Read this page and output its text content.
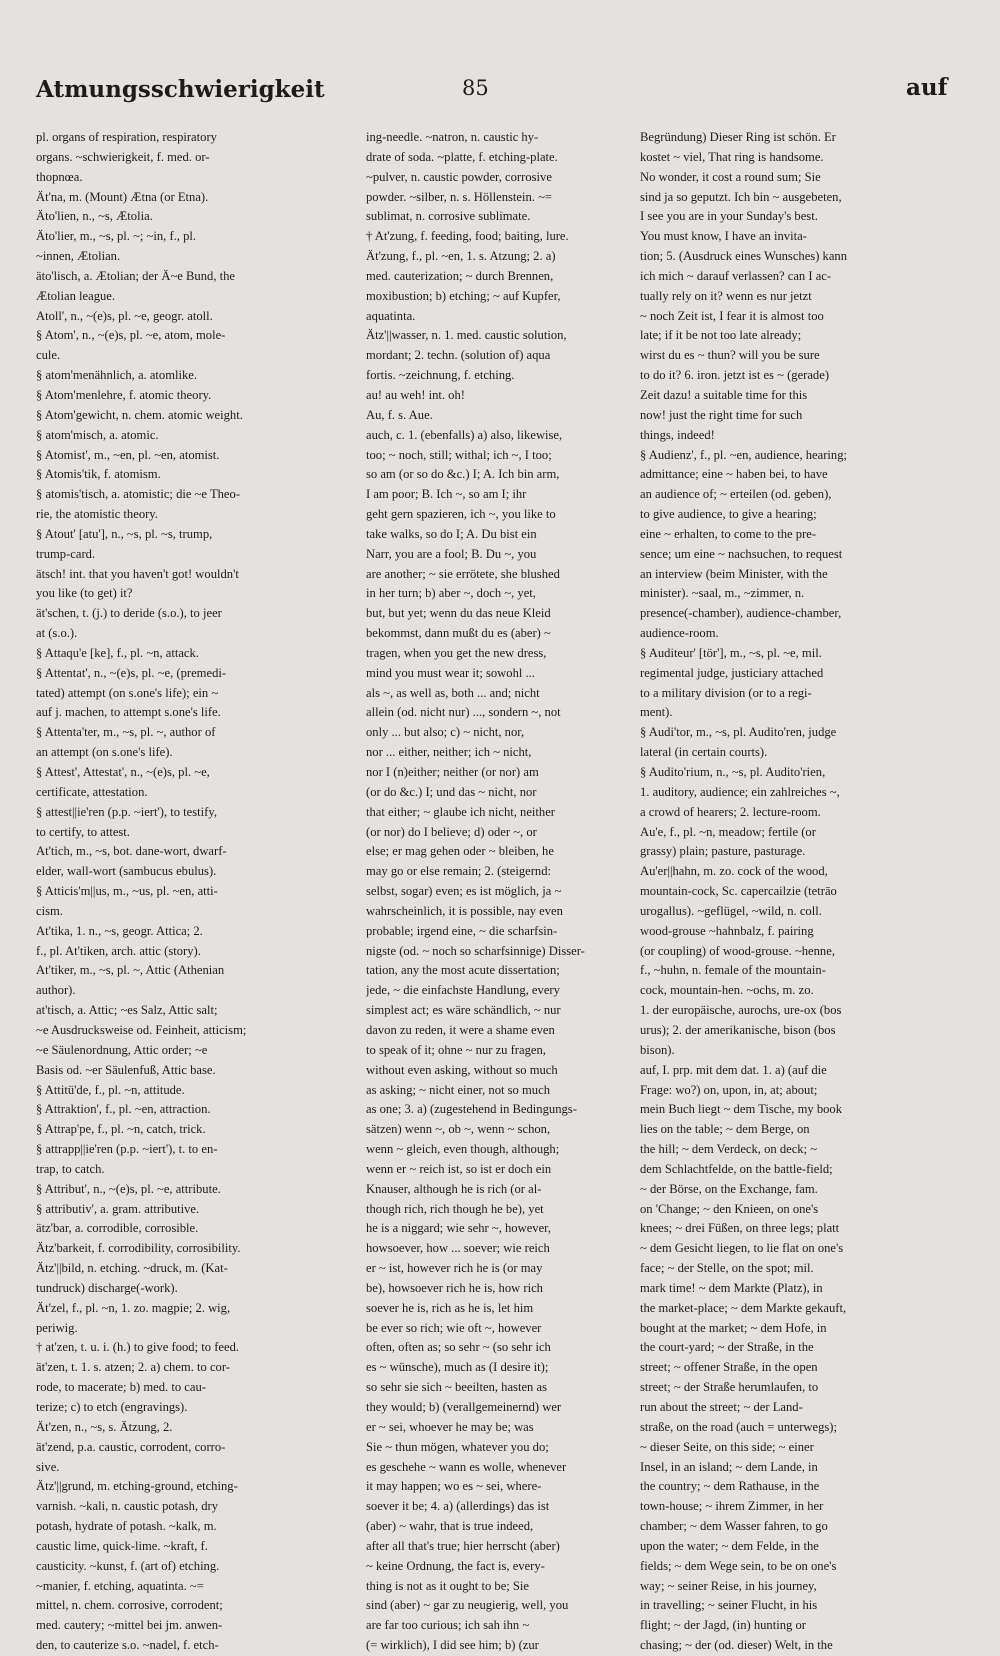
Atmungsschwierigkeit	85	auf
pl. organs of respiration, respiratory
organs. ~schwierigkeit, f. med. or-
thopnœa.
Ät'na, m. (Mount) Ætna (or Etna).
Äto'lien, n., ~s, Ætolia.
Äto'lier, m., ~s, pl. ~; ~in, f., pl.
~innen, Ætolian.
äto'lisch, a. Ætolian; der Ä~e Bund, the
Ætolian league.
Atoll', n., ~(e)s, pl. ~e, geogr. atoll.
§ Atom', n., ~(e)s, pl. ~e, atom, mole-
cule.
§ atom'menähnlich, a. atomlike.
§ Atom'menlehre, f. atomic theory.
§ Atom'gewicht, n. chem. atomic weight.
§ atom'misch, a. atomic.
§ Atomist', m., ~en, pl. ~en, atomist.
§ Atomis'tik, f. atomism.
§ atomis'tisch, a. atomistic; die ~e Theo-
rie, the atomistic theory.
§ Atout' [atu'], n., ~s, pl. ~s, trump,
trump-card.
ätsch! int. that you haven't got! wouldn't
you like (to get) it?
ät'schen, t. (j.) to deride (s.o.), to jeer
at (s.o.).
§ Attaqu'e [ke], f., pl. ~n, attack.
§ Attentat', n., ~(e)s, pl. ~e, (premedi-
tated) attempt (on s.one's life); ein ~
auf j. machen, to attempt s.one's life.
§ Attenta'ter, m., ~s, pl. ~, author of
an attempt (on s.one's life).
§ Attest', Attestat', n., ~(e)s, pl. ~e,
certificate, attestation.
§ attest||ie'ren (p.p. ~iert'), to testify,
to certify, to attest.
At'tich, m., ~s, bot. dane-wort, dwarf-
elder, wall-wort (sambucus ebulus).
§ Atticis'm||us, m., ~us, pl. ~en, atti-
cism.
At'tika, 1. n., ~s, geogr. Attica; 2.
f., pl. At'tiken, arch. attic (story).
At'tiker, m., ~s, pl. ~, Attic (Athenian
author).
at'tisch, a. Attic; ~es Salz, Attic salt;
~e Ausdrucksweise od. Feinheit, atticism;
~e Säulenordnung, Attic order; ~e
Basis od. ~er Säulenfuß, Attic base.
§ Attitü'de, f., pl. ~n, attitude.
§ Attraktion', f., pl. ~en, attraction.
§ Attrap'pe, f., pl. ~n, catch, trick.
§ attrapp||ie'ren (p.p. ~iert'), t. to en-
trap, to catch.
§ Attribut', n., ~(e)s, pl. ~e, attribute.
§ attributiv', a. gram. attributive.
ätz'bar, a. corrodible, corrosible.
Ätz'barkeit, f. corrodibility, corrosibility.
Ätz'||bild, n. etching. ~druck, m. (Kat-
tundruck) discharge(-work).
Ät'zel, f., pl. ~n, 1. zo. magpie; 2. wig,
periwig.
† at'zen, t. u. i. (h.) to give food; to feed.
ät'zen, t. 1. s. atzen; 2. a) chem. to cor-
rode, to macerate; b) med. to cau-
terize; c) to etch (engravings).
Ät'zen, n., ~s, s. Ätzung, 2.
ät'zend, p.a. caustic, corrodent, corro-
sive.
Ätz'||grund, m. etching-ground, etching-
varnish. ~kali, n. caustic potash, dry
potash, hydrate of potash. ~kalk, m.
caustic lime, quick-lime. ~kraft, f.
causticity. ~kunst, f. (art of) etching.
~manier, f. etching, aquatinta. ~=
mittel, n. chem. corrosive, corrodent;
med. cautery; ~mittel bei jm. anwen-
den, to cauterize s.o. ~nadel, f. etch-
ing-needle. ~natron, n. caustic hy-
drate of soda. ~platte, f. etching-plate.
~pulver, n. caustic powder, corrosive
powder. ~silber, n. s. Höllenstein. ~=
sublimat, n. corrosive sublimate.
† At'zung, f. feeding, food; baiting, lure.
Ät'zung, f., pl. ~en, 1. s. Atzung; 2. a)
med. cauterization; ~ durch Brennen,
moxibustion; b) etching; ~ auf Kupfer,
aquatinta.
Ätz'||wasser, n. 1. med. caustic solution,
mordant; 2. techn. (solution of) aqua
fortis. ~zeichnung, f. etching.
au! au weh! int. oh!
Au, f. s. Aue.
auch, c. 1. (ebenfalls) a) also, likewise,
too; ~ noch, still; withal; ich ~, I too;
so am (or so do &c.) I; A. Ich bin arm,
I am poor; B. Ich ~, so am I; ihr
geht gern spazieren, ich ~, you like to
take walks, so do I; A. Du bist ein
Narr, you are a fool; B. Du ~, you
are another; ~ sie errötete, she blushed
in her turn; b) aber ~, doch ~, yet,
but, but yet; wenn du das neue Kleid
bekommst, dann mußt du es (aber) ~
tragen, when you get the new dress,
mind you must wear it; sowohl ...
als ~, as well as, both ... and; nicht
allein (od. nicht nur) ..., sondern ~, not
only ... but also; c) ~ nicht, nor,
nor ... either, neither; ich ~ nicht,
nor I (n)either; neither (or nor) am
(or do &c.) I; und das ~ nicht, nor
that either; ~ glaube ich nicht, neither
(or nor) do I believe; d) oder ~, or
else; er mag gehen oder ~ bleiben, he
may go or else remain; 2. (steigernd:
selbst, sogar) even; es ist möglich, ja ~
wahrscheinlich, it is possible, nay even
probable; irgend eine, ~ die scharfsin-
nigste (od. ~ noch so scharfsinnige) Disser-
tation, any the most acute dissertation;
jede, ~ die einfachste Handlung, every
simplest act; es wäre schändlich, ~ nur
davon zu reden, it were a shame even
to speak of it; ohne ~ nur zu fragen,
without even asking, without so much
as asking; ~ nicht einer, not so much
as one; 3. a) (zugestehend in Bedingungs-
sätzen) wenn ~, ob ~, wenn ~ schon,
wenn ~ gleich, even though, although;
wenn er ~ reich ist, so ist er doch ein
Knauser, although he is rich (or al-
though rich, rich though he be), yet
he is a niggard; wie sehr ~, however,
howsoever, how ... soever; wie reich
er ~ ist, however rich he is (or may
be), howsoever rich he is, how rich
soever he is, rich as he is, let him
be ever so rich; wie oft ~, however
often, often as; so sehr ~ (so sehr ich
es ~ wünsche), much as (I desire it);
so sehr sie sich ~ beeilten, hasten as
they would; b) (verallgemeinernd) wer
er ~ sei, whoever he may be; was
Sie ~ thun mögen, whatever you do;
es geschehe ~ wann es wolle, whenever
it may happen; wo es ~ sei, where-
soever it be; 4. a) (allerdings) das ist
(aber) ~ wahr, that is true indeed,
after all that's true; hier herrscht (aber)
~ keine Ordnung, the fact is, every-
thing is not as it ought to be; Sie
sind (aber) ~ gar zu neugierig, well, you
are far too curious; ich sah ihn ~
(= wirklich), I did see him; b) (zur
Begründung) Dieser Ring ist schön. Er
kostet ~ viel, That ring is handsome.
No wonder, it cost a round sum; Sie
sind ja so geputzt. Ich bin ~ ausgebeten,
I see you are in your Sunday's best.
You must know, I have an invita-
tion; 5. (Ausdruck eines Wunsches) kann
ich mich ~ darauf verlassen? can I ac-
tually rely on it? wenn es nur jetzt
~ noch Zeit ist, I fear it is almost too
late; if it be not too late already;
wirst du es ~ thun? will you be sure
to do it? 6. iron. jetzt ist es ~ (gerade)
Zeit dazu! a suitable time for this
now! just the right time for such
things, indeed!
§ Audienz', f., pl. ~en, audience, hearing;
admittance; eine ~ haben bei, to have
an audience of; ~ erteilen (od. geben),
to give audience, to give a hearing;
eine ~ erhalten, to come to the pre-
sence; um eine ~ nachsuchen, to request
an interview (beim Minister, with the
minister). ~saal, m., ~zimmer, n.
presence(-chamber), audience-chamber,
audience-room.
§ Auditeur' [tör'], m., ~s, pl. ~e, mil.
regimental judge, justiciary attached
to a military division (or to a regi-
ment).
§ Audi'tor, m., ~s, pl. Audito'ren, judge
lateral (in certain courts).
§ Audito'rium, n., ~s, pl. Audito'rien,
1. auditory, audience; ein zahlreiches ~,
a crowd of hearers; 2. lecture-room.
Au'e, f., pl. ~n, meadow; fertile (or
grassy) plain; pasture, pasturage.
Au'er||hahn, m. zo. cock of the wood,
mountain-cock, Sc. capercailzie (tetrāo
urogallus). ~geflügel, ~wild, n. coll.
wood-grouse ~hahnbalz, f. pairing
(or coupling) of wood-grouse. ~henne,
f., ~huhn, n. female of the mountain-
cock, mountain-hen. ~ochs, m. zo.
1. der europäische, aurochs, ure-ox (bos
urus); 2. der amerikanische, bison (bos
bison).
auf, I. prp. mit dem dat. 1. a) (auf die
Frage: wo?) on, upon, in, at; about;
mein Buch liegt ~ dem Tische, my book
lies on the table; ~ dem Berge, on
the hill; ~ dem Verdeck, on deck; ~
dem Schlachtfelde, on the battle-field;
~ der Börse, on the Exchange, fam.
on 'Change; ~ den Knieen, on one's
knees; ~ drei Füßen, on three legs; platt
~ dem Gesicht liegen, to lie flat on one's
face; ~ der Stelle, on the spot; mil.
mark time! ~ dem Markte (Platz), in
the market-place; ~ dem Markte gekauft,
bought at the market; ~ dem Hofe, in
the court-yard; ~ der Straße, in the
street; ~ offener Straße, in the open
street; ~ der Straße herumlaufen, to
run about the street; ~ der Land-
straße, on the road (auch = unterwegs);
~ dieser Seite, on this side; ~ einer
Insel, in an island; ~ dem Lande, in
the country; ~ dem Rathause, in the
town-house; ~ ihrem Zimmer, in her
chamber; ~ dem Wasser fahren, to go
upon the water; ~ dem Felde, in the
fields; ~ dem Wege sein, to be on one's
way; ~ seiner Reise, in his journey,
in travelling; ~ seiner Flucht, in his
flight; ~ der Jagd, (in) hunting or
chasing; ~ der (od. dieser) Welt, in the
